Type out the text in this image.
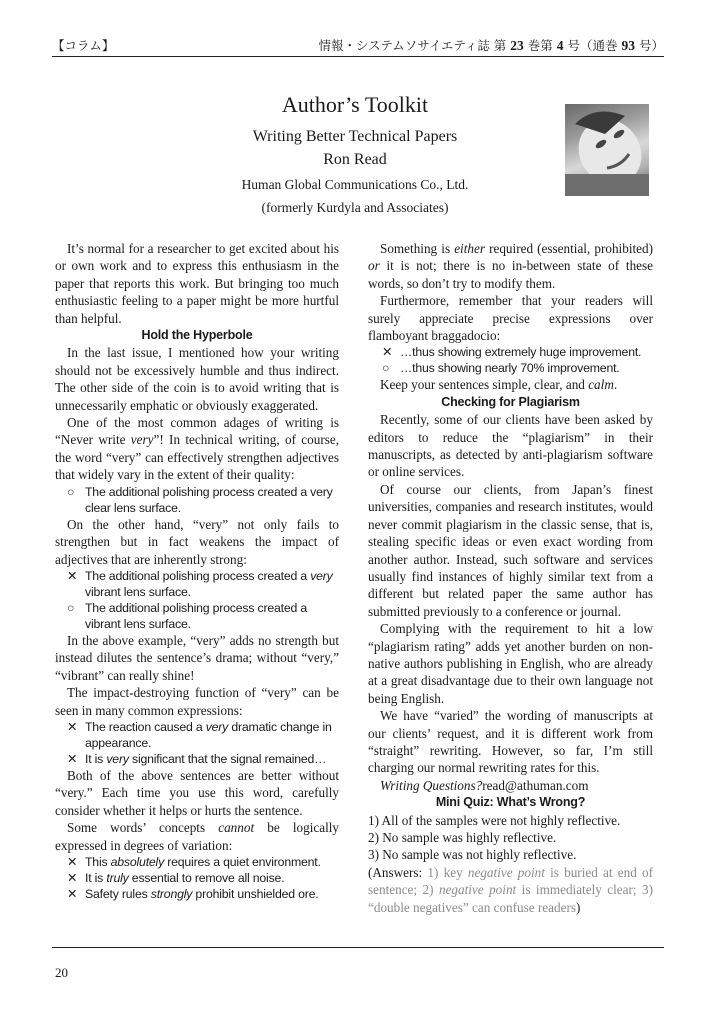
【コラム】	情報・システムソサイエティ誌 第 23 巻第 4 号（通巻 93 号）
Author’s Toolkit
Writing Better Technical Papers
Ron Read
Human Global Communications Co., Ltd.
(formerly Kurdyla and Associates)

It’s normal for a researcher to get excited about his or own work and to express this enthusiasm in the paper that reports this work. But bringing too much enthusiastic feeling to a paper might be more hurtful than helpful.

Hold the Hyperbole

In the last issue, I mentioned how your writing should not be excessively humble and thus indirect. The other side of the coin is to avoid writing that is unnecessarily emphatic or obviously exaggerated.

One of the most common adages of writing is “Never write very”! In technical writing, of course, the word “very” can effectively strengthen adjectives that widely vary in the extent of their quality:

○ The additional polishing process created a very clear lens surface.

On the other hand, “very” not only fails to strengthen but in fact weakens the impact of adjectives that are inherently strong:

✕ The additional polishing process created a very vibrant lens surface.
○ The additional polishing process created a vibrant lens surface.

In the above example, “very” adds no strength but instead dilutes the sentence’s drama; without “very,” “vibrant” can really shine!

The impact-destroying function of “very” can be seen in many common expressions:

✕ The reaction caused a very dramatic change in appearance.
✕ It is very significant that the signal remained…

Both of the above sentences are better without “very.” Each time you use this word, carefully consider whether it helps or hurts the sentence.

Some words’ concepts cannot be logically expressed in degrees of variation:

✕ This absolutely requires a quiet environment.
✕ It is truly essential to remove all noise.
✕ Safety rules strongly prohibit unshielded ore.

Something is either required (essential, prohibited) or it is not; there is no in-between state of these words, so don’t try to modify them.

Furthermore, remember that your readers will surely appreciate precise expressions over flamboyant braggadocio:

✕ …thus showing extremely huge improvement.
○ …thus showing nearly 70% improvement.

Keep your sentences simple, clear, and calm.

Checking for Plagiarism

Recently, some of our clients have been asked by editors to reduce the “plagiarism” in their manuscripts, as detected by anti-plagiarism software or online services.

Of course our clients, from Japan’s finest universities, companies and research institutes, would never commit plagiarism in the classic sense, that is, stealing specific ideas or even exact wording from another author. Instead, such software and services usually find instances of highly similar text from a different but related paper the same author has submitted previously to a conference or journal.

Complying with the requirement to hit a low “plagiarism rating” adds yet another burden on non-native authors publishing in English, who are already at a great disadvantage due to their own language not being English.

We have “varied” the wording of manuscripts at our clients’ request, and it is different work from “straight” rewriting. However, so far, I’m still charging our normal rewriting rates for this.

Writing Questions?read@athuman.com

Mini Quiz: What’s Wrong?

1) All of the samples were not highly reflective.

2) No sample was highly reflective.

3) No sample was not highly reflective.

(Answers: 1) key negative point is buried at end of sentence; 2) negative point is immediately clear; 3) “double negatives” can confuse readers)

20
